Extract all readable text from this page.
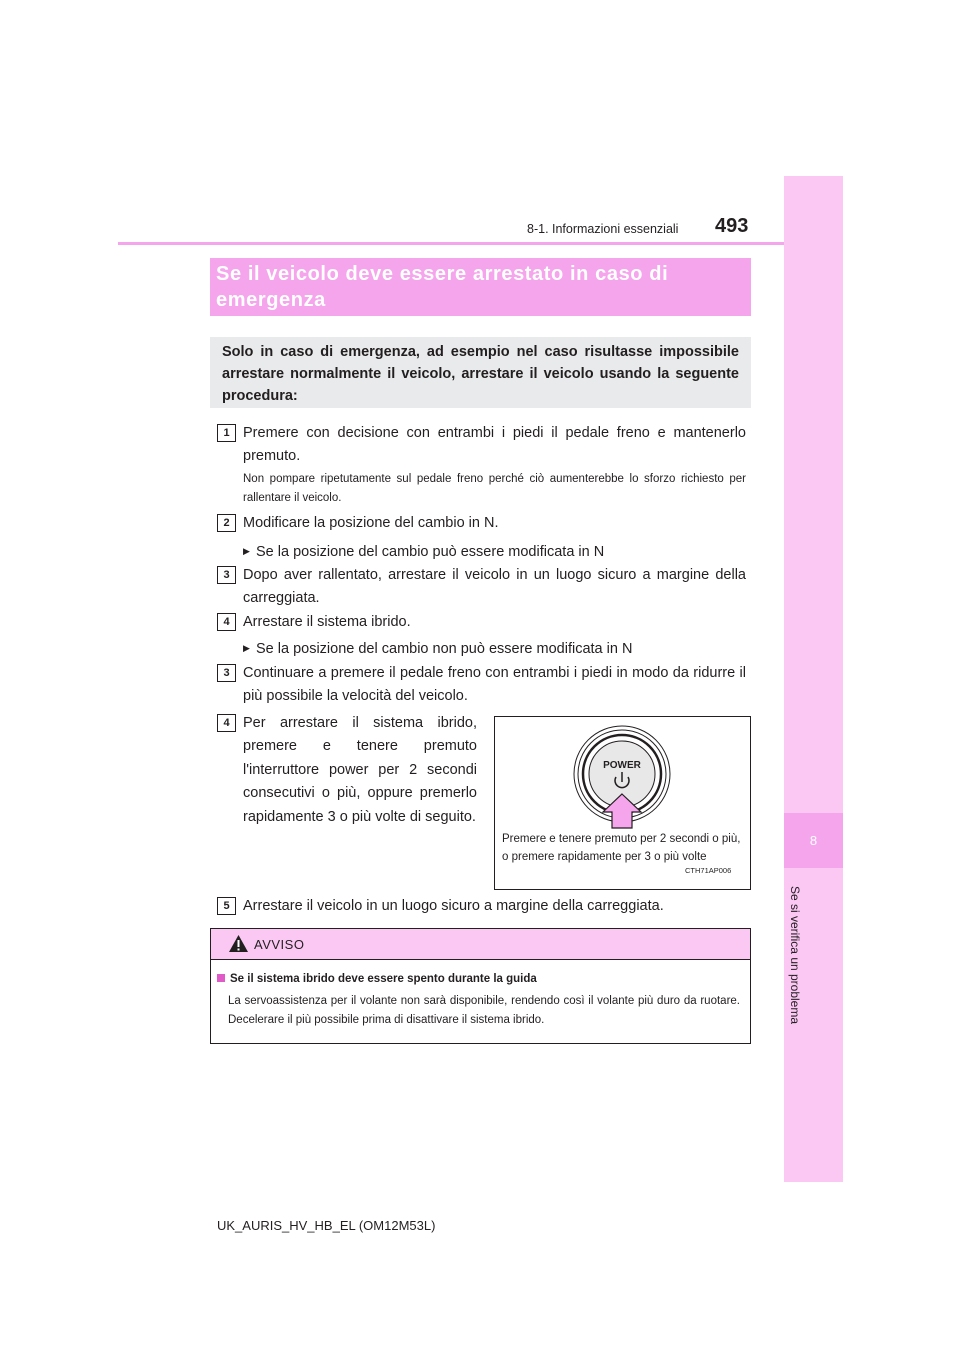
8-1. Informazioni essenziali 493
8
Se si verifica un problema
Se il veicolo deve essere arrestato in caso di emergenza

Solo in caso di emergenza, ad esempio nel caso risultasse impossibile arrestare normalmente il veicolo, arrestare il veicolo usando la seguente procedura:

1 Premere con decisione con entrambi i piedi il pedale freno e mantenerlo premuto.

Non pompare ripetutamente sul pedale freno perché ciò aumenterebbe lo sforzo richiesto per rallentare il veicolo.

2 Modificare la posizione del cambio in N.

▶ Se la posizione del cambio può essere modificata in N
3 Dopo aver rallentato, arrestare il veicolo in un luogo sicuro a margine della carreggiata.

4 Arrestare il sistema ibrido.

▶ Se la posizione del cambio non può essere modificata in N
3 Continuare a premere il pedale freno con entrambi i piedi in modo da ridurre il più possibile la velocità del veicolo.

4 Per arrestare il sistema ibrido, premere e tenere premuto l'interruttore power per 2 secondi consecutivi o più, oppure premerlo rapidamente 3 o più volte di seguito.

POWER
Premere e tenere premuto per 2 secondi o più, o premere rapidamente per 3 o più volte
CTH71AP006
5 Arrestare il veicolo in un luogo sicuro a margine della carreggiata.

AVVISO
Se il sistema ibrido deve essere spento durante la guida

La servoassistenza per il volante non sarà disponibile, rendendo così il volante più duro da ruotare. Decelerare il più possibile prima di disattivare il sistema ibrido.

UK_AURIS_HV_HB_EL (OM12M53L)
